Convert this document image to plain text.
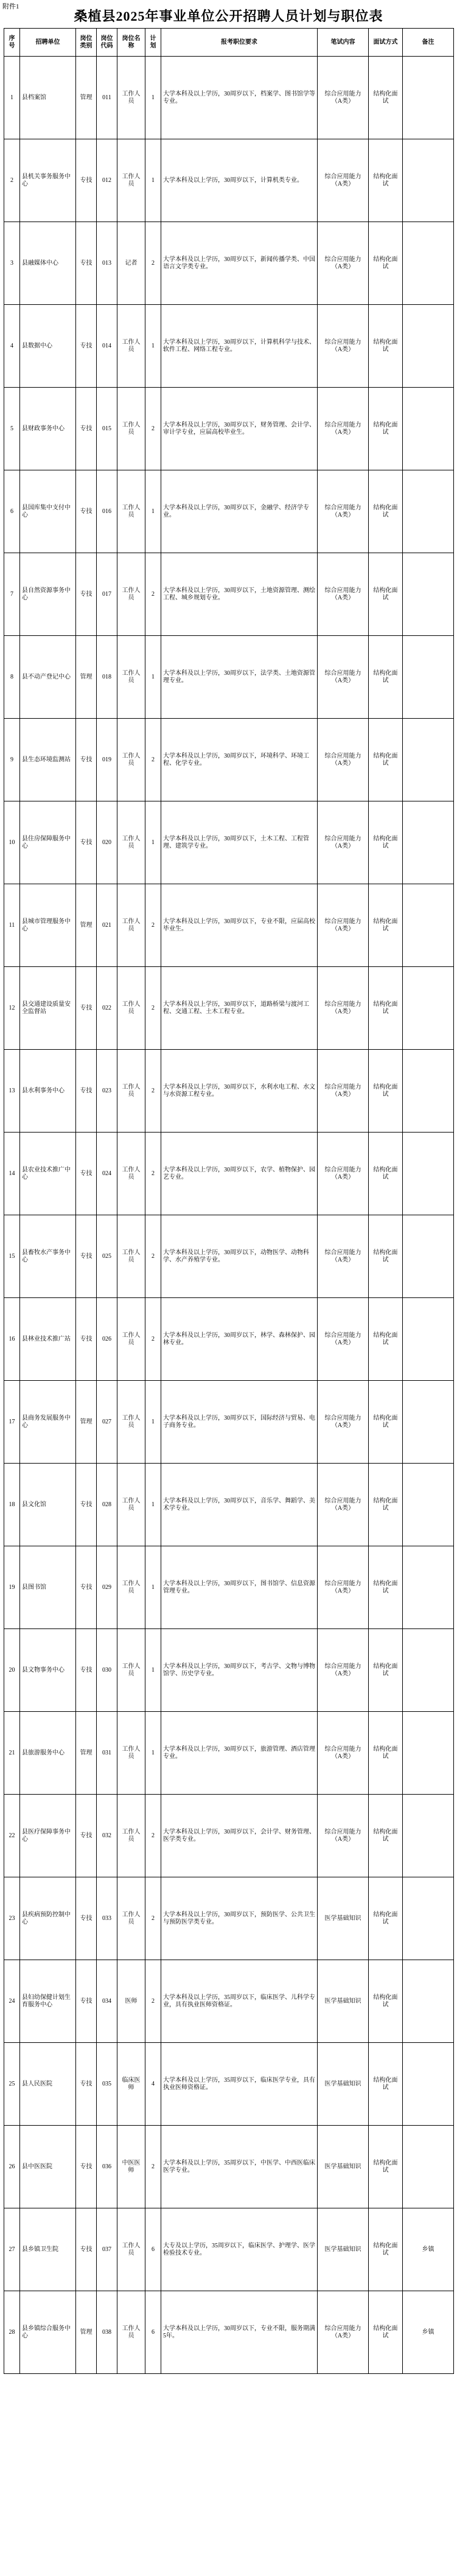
附件1
桑植县2025年事业单位公开招聘人员计划与职位表
序号	招聘单位	岗位类别	岗位代码	岗位名称	计划	报考职位要求	笔试内容	面试方式	备注
1	县档案馆	管理	011	工作人员	1	大学本科及以上学历，30周岁以下，档案学、图书馆学等专业。	综合应用能力（A类）	结构化面试	
2	县机关事务服务中心	专技	012	工作人员	1	大学本科及以上学历，30周岁以下，计算机类专业。	综合应用能力（A类）	结构化面试	
3	县融媒体中心	专技	013	记者	2	大学本科及以上学历，30周岁以下，新闻传播学类、中国语言文学类专业。	综合应用能力（A类）	结构化面试	
4	县数据中心	专技	014	工作人员	1	大学本科及以上学历，30周岁以下，计算机科学与技术、软件工程、网络工程专业。	综合应用能力（A类）	结构化面试	
5	县财政事务中心	专技	015	工作人员	2	大学本科及以上学历，30周岁以下，财务管理、会计学、审计学专业，应届高校毕业生。	综合应用能力（A类）	结构化面试	
6	县国库集中支付中心	专技	016	工作人员	1	大学本科及以上学历，30周岁以下，金融学、经济学专业。	综合应用能力（A类）	结构化面试	
7	县自然资源事务中心	专技	017	工作人员	2	大学本科及以上学历，30周岁以下，土地资源管理、测绘工程、城乡规划专业。	综合应用能力（A类）	结构化面试	
8	县不动产登记中心	管理	018	工作人员	1	大学本科及以上学历，30周岁以下，法学类、土地资源管理专业。	综合应用能力（A类）	结构化面试	
9	县生态环境监测站	专技	019	工作人员	2	大学本科及以上学历，30周岁以下，环境科学、环境工程、化学专业。	综合应用能力（A类）	结构化面试	
10	县住房保障服务中心	专技	020	工作人员	1	大学本科及以上学历，30周岁以下，土木工程、工程管理、建筑学专业。	综合应用能力（A类）	结构化面试	
11	县城市管理服务中心	管理	021	工作人员	2	大学本科及以上学历，30周岁以下，专业不限，应届高校毕业生。	综合应用能力（A类）	结构化面试	
12	县交通建设质量安全监督站	专技	022	工作人员	2	大学本科及以上学历，30周岁以下，道路桥梁与渡河工程、交通工程、土木工程专业。	综合应用能力（A类）	结构化面试	
13	县水利事务中心	专技	023	工作人员	2	大学本科及以上学历，30周岁以下，水利水电工程、水文与水资源工程专业。	综合应用能力（A类）	结构化面试	
14	县农业技术推广中心	专技	024	工作人员	2	大学本科及以上学历，30周岁以下，农学、植物保护、园艺专业。	综合应用能力（A类）	结构化面试	
15	县畜牧水产事务中心	专技	025	工作人员	2	大学本科及以上学历，30周岁以下，动物医学、动物科学、水产养殖学专业。	综合应用能力（A类）	结构化面试	
16	县林业技术推广站	专技	026	工作人员	2	大学本科及以上学历，30周岁以下，林学、森林保护、园林专业。	综合应用能力（A类）	结构化面试	
17	县商务发展服务中心	管理	027	工作人员	1	大学本科及以上学历，30周岁以下，国际经济与贸易、电子商务专业。	综合应用能力（A类）	结构化面试	
18	县文化馆	专技	028	工作人员	1	大学本科及以上学历，30周岁以下，音乐学、舞蹈学、美术学专业。	综合应用能力（A类）	结构化面试	
19	县图书馆	专技	029	工作人员	1	大学本科及以上学历，30周岁以下，图书馆学、信息资源管理专业。	综合应用能力（A类）	结构化面试	
20	县文物事务中心	专技	030	工作人员	1	大学本科及以上学历，30周岁以下，考古学、文物与博物馆学、历史学专业。	综合应用能力（A类）	结构化面试	
21	县旅游服务中心	管理	031	工作人员	1	大学本科及以上学历，30周岁以下，旅游管理、酒店管理专业。	综合应用能力（A类）	结构化面试	
22	县医疗保障事务中心	专技	032	工作人员	2	大学本科及以上学历，30周岁以下，会计学、财务管理、医学类专业。	综合应用能力（A类）	结构化面试	
23	县疾病预防控制中心	专技	033	工作人员	2	大学本科及以上学历，30周岁以下，预防医学、公共卫生与预防医学类专业。	医学基础知识	结构化面试	
24	县妇幼保健计划生育服务中心	专技	034	医师	2	大学本科及以上学历，35周岁以下，临床医学、儿科学专业，具有执业医师资格证。	医学基础知识	结构化面试	
25	县人民医院	专技	035	临床医师	4	大学本科及以上学历，35周岁以下，临床医学专业，具有执业医师资格证。	医学基础知识	结构化面试	
26	县中医医院	专技	036	中医医师	2	大学本科及以上学历，35周岁以下，中医学、中西医临床医学专业。	医学基础知识	结构化面试	
27	县乡镇卫生院	专技	037	工作人员	6	大专及以上学历，35周岁以下，临床医学、护理学、医学检验技术专业。	医学基础知识	结构化面试	乡镇
28	县乡镇综合服务中心	管理	038	工作人员	6	大学本科及以上学历，30周岁以下，专业不限，服务期满5年。	综合应用能力（A类）	结构化面试	乡镇
